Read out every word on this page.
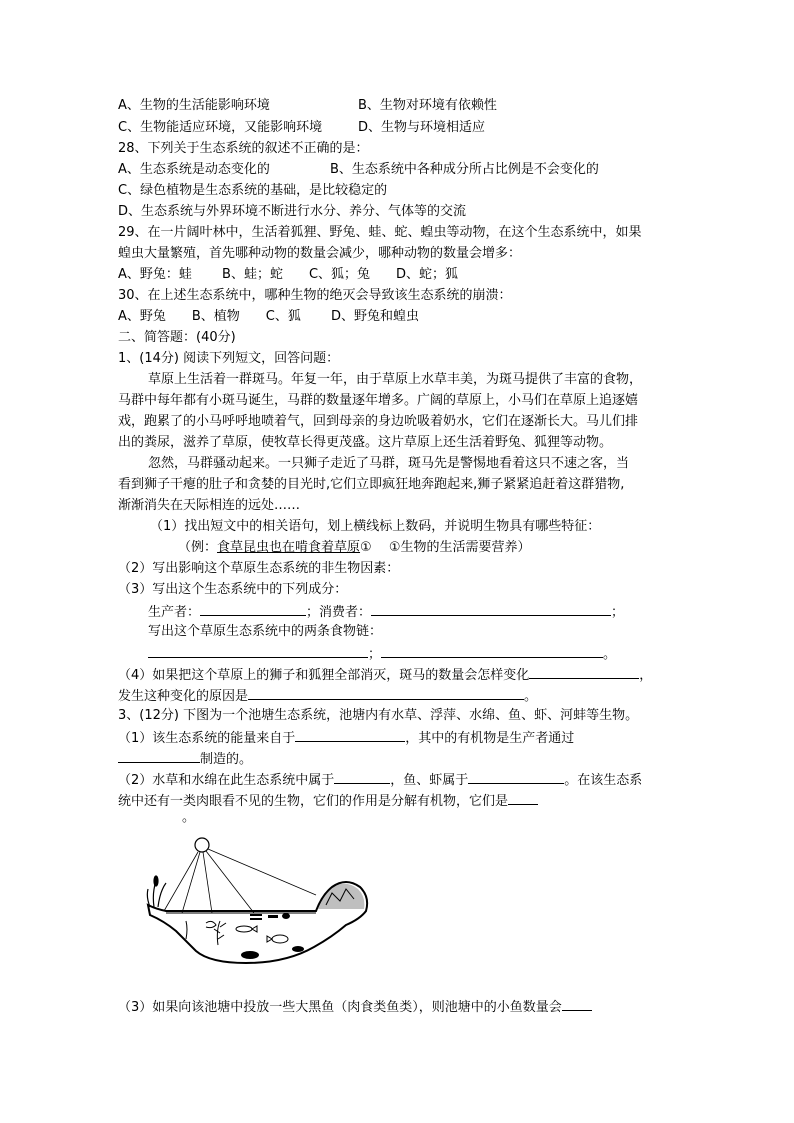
A、生物的生活能影响环境	B、生物对环境有依赖性
C、生物能适应环境，又能影响环境	D、生物与环境相适应
28、下列关于生态系统的叙述不正确的是：
A、生态系统是动态变化的	B、生态系统中各种成分所占比例是不会变化的
C、绿色植物是生态系统的基础，是比较稳定的
D、生态系统与外界环境不断进行水分、养分、气体等的交流
29、在一片阔叶林中，生活着狐狸、野兔、蛙、蛇、蝗虫等动物，在这个生态系统中，如果
蝗虫大量繁殖，首先哪种动物的数量会减少，哪种动物的数量会增多：
A、野兔：蛙　　 B、蛙；蛇　　C、狐；兔　　D、蛇；狐
30、在上述生态系统中，哪种生物的绝灭会导致该生态系统的崩溃：
A、野兔　　B、植物　　C、狐　　 D、野兔和蝗虫
二、简答题：(40分)
1、(14分) 阅读下列短文，回答问题：
草原上生活着一群斑马。年复一年，由于草原上水草丰美，为斑马提供了丰富的食物，
马群中每年都有小斑马诞生，马群的数量逐年增多。广阔的草原上，小马们在草原上追逐嬉
戏，跑累了的小马呼呼地喷着气，回到母亲的身边吮吸着奶水，它们在逐渐长大。马儿们排
出的粪尿，滋养了草原，使牧草长得更茂盛。这片草原上还生活着野兔、狐狸等动物。
忽然，马群骚动起来。一只狮子走近了马群，斑马先是警惕地看着这只不速之客，当
看到狮子干瘪的肚子和贪婪的目光时,它们立即疯狂地奔跑起来,狮子紧紧追赶着这群猎物,
渐渐消失在天际相连的远处……
（1）找出短文中的相关语句，划上横线标上数码，并说明生物具有哪些特征：
（例：食草昆虫也在啃食着草原①　 ①生物的生活需要营养）
（2）写出影响这个草原生态系统的非生物因素：
（3）写出这个生态系统中的下列成分：
生产者：	；消费者：	；
写出这个草原生态系统中的两条食物链：
；	。
（4）如果把这个草原上的狮子和狐狸全部消灭，斑马的数量会怎样变化	，
发生这种变化的原因是	。
3、(12分) 下图为一个池塘生态系统，池塘内有水草、浮萍、水绵、鱼、虾、河蚌等生物。
（1）该生态系统的能量来自于	，其中的有机物是生产者通过
制造的。
（2）水草和水绵在此生态系统中属于	，鱼、虾属于	。在该生态系
统中还有一类肉眼看不见的生物，它们的作用是分解有机物，它们是
。
（3）如果向该池塘中投放一些大黑鱼（肉食类鱼类），则池塘中的小鱼数量会
